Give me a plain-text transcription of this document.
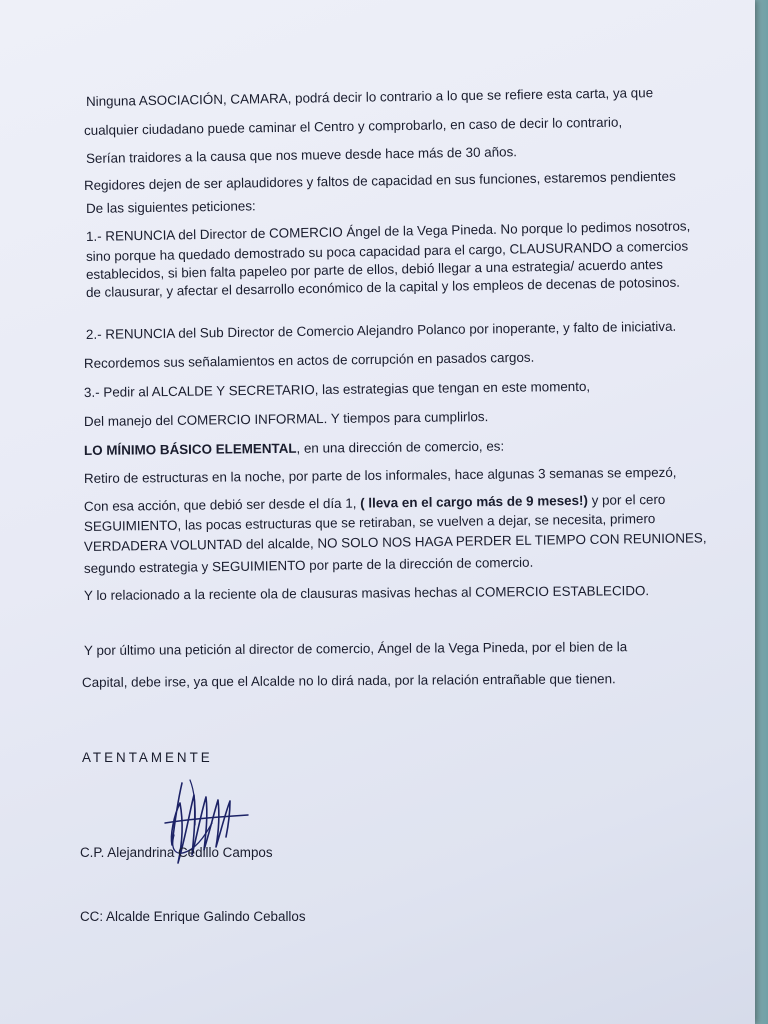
Ninguna ASOCIACIÓN, CAMARA, podrá decir lo contrario a lo que se refiere esta carta, ya que
cualquier ciudadano puede caminar el Centro y comprobarlo, en caso de decir lo contrario,
Serían traidores a la causa que nos mueve desde hace más de 30 años.
Regidores dejen de ser aplaudidores y faltos de capacidad en sus funciones, estaremos pendientes
De las siguientes peticiones:
1.- RENUNCIA del Director de COMERCIO Ángel de la Vega Pineda. No porque lo pedimos nosotros,
sino porque ha quedado demostrado su poca capacidad para el cargo, CLAUSURANDO a comercios
establecidos, si bien falta papeleo por parte de ellos, debió llegar a una estrategia/ acuerdo antes
de clausurar, y afectar el desarrollo económico de la capital y los empleos de decenas de potosinos.
2.- RENUNCIA del Sub Director de Comercio Alejandro Polanco por inoperante, y falto de iniciativa.
Recordemos sus señalamientos en actos de corrupción en pasados cargos.
3.- Pedir al ALCALDE Y SECRETARIO, las estrategias que tengan en este momento,
Del manejo del COMERCIO INFORMAL. Y tiempos para cumplirlos.
LO MÍNIMO BÁSICO ELEMENTAL, en una dirección de comercio, es:
Retiro de estructuras en la noche, por parte de los informales, hace algunas 3 semanas se empezó,
Con esa acción, que debió ser desde el día 1, ( lleva en el cargo más de 9 meses!) y por el cero
SEGUIMIENTO, las pocas estructuras que se retiraban, se vuelven a dejar, se necesita, primero
VERDADERA VOLUNTAD del alcalde, NO SOLO NOS HAGA PERDER EL TIEMPO CON REUNIONES,
segundo estrategia y SEGUIMIENTO por parte de la dirección de comercio.
Y lo relacionado a la reciente ola de clausuras masivas hechas al COMERCIO ESTABLECIDO.
Y por último una petición al director de comercio, Ángel de la Vega Pineda, por el bien de la
Capital, debe irse, ya que el Alcalde no lo dirá nada, por la relación entrañable que tienen.
ATENTAMENTE
C.P. Alejandrina Cedillo Campos
CC: Alcalde Enrique Galindo Ceballos
